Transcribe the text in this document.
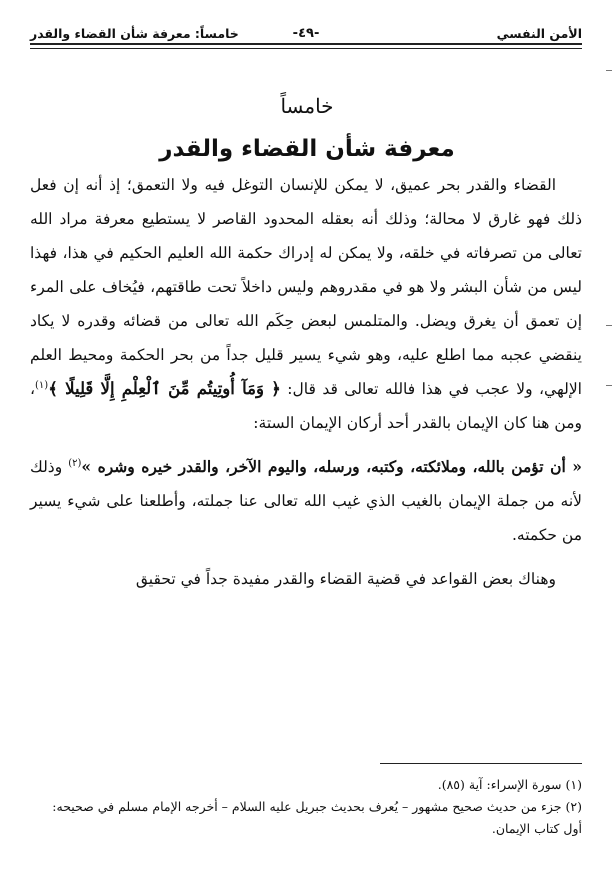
الأمن النفسي
-٤٩-
خامساً: معرفة شأن القضاء والقدر
خامساً
معرفة شأن القضاء والقدر

القضاء والقدر بحر عميق، لا يمكن للإنسان التوغل فيه ولا التعمق؛ إذ أنه إن فعل ذلك فهو غارق لا محالة؛ وذلك أنه بعقله المحدود القاصر لا يستطيع معرفة مراد الله تعالى من تصرفاته في خلقه، ولا يمكن له إدراك حكمة الله العليم الحكيم في هذا، فهذا ليس من شأن البشر ولا هو في مقدروهم وليس داخلاً تحت طاقتهم، فيُخاف على المرء إن تعمق أن يغرق ويضل. والمتلمس لبعض حِكَم الله تعالى من قضائه وقدره لا يكاد ينقضي عجبه مما اطلع عليه، وهو شيء يسير قليل جداً من بحر الحكمة ومحيط العلم الإلهي، ولا عجب في هذا فالله تعالى قد قال: ﴿ وَمَآ أُوتِيتُم مِّنَ ٱلْعِلْمِ إِلَّا قَلِيلًا ﴾$^{(١)}$، ومن هنا كان الإيمان بالقدر أحد أركان الإيمان الستة:

« أن تؤمن بالله، وملائكته، وكتبه، ورسله، واليوم الآخر، والقدر خيره وشره »$^{(٢)}$ وذلك لأنه من جملة الإيمان بالغيب الذي غيب الله تعالى عنا جملته، وأطلعنا على شيء يسير من حكمته.

وهناك بعض القواعد في قضية القضاء والقدر مفيدة جداً في تحقيق

(١) سورة الإسراء: آية (٨٥).

(٢) جزء من حديث صحيح مشهور – يُعرف بحديث جبريل عليه السلام – أخرجه الإمام مسلم في صحيحه: أول كتاب الإيمان.
